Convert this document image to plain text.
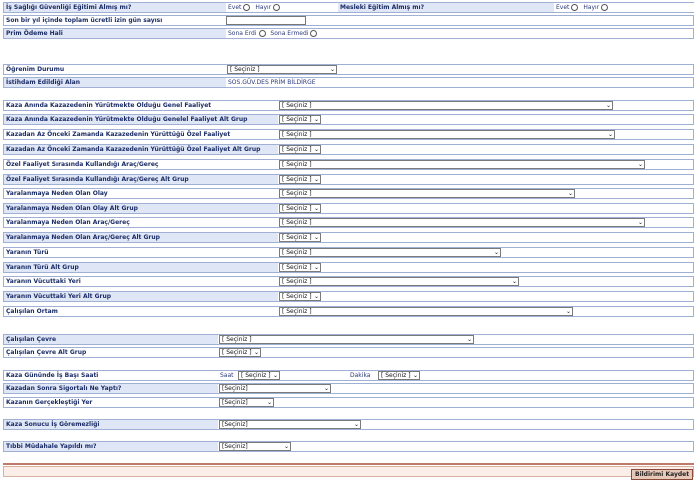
İş Sağlığı Güvenliği Eğitimi Almış mı?	Evet Hayır	Mesleki Eğitim Almış mı?	Evet Hayır
Son bir yıl içinde toplam ücretli izin gün sayısı
Prim Ödeme Hali	Sona Erdi Sona Ermedi
Öğrenim Durumu	[ Seçiniz ]	⌄
İstihdam Edildiği Alan	SOS.GÜV.DES PRİM BİLDİRGE
Kaza Anında Kazazedenin Yürütmekte Olduğu Genel Faaliyet	[ Seçiniz ]	⌄
Kaza Anında Kazazedenin Yürütmekte Olduğu Genelel Faaliyet Alt Grup	[ Seçiniz ] ⌄
Kazadan Az Önceki Zamanda Kazazedenin Yürüttüğü Özel Faaliyet	[ Seçiniz ]	⌄
Kazadan Az Önceki Zamanda Kazazedenin Yürüttüğü Özel Faaliyet Alt Grup	[ Seçiniz ] ⌄
Özel Faaliyet Sırasında Kullandığı Araç/Gereç	[ Seçiniz ]	⌄
Özel Faaliyet Sırasında Kullandığı Araç/Gereç Alt Grup	[ Seçiniz ] ⌄
Yaralanmaya Neden Olan Olay	[ Seçiniz ]	⌄
Yaralanmaya Neden Olan Olay Alt Grup	[ Seçiniz ] ⌄
Yaralanmaya Neden Olan Araç/Gereç	[ Seçiniz ]	⌄
Yaralanmaya Neden Olan Araç/Gereç Alt Grup	[ Seçiniz ] ⌄
Yaranın Türü	[ Seçiniz ]	⌄
Yaranın Türü Alt Grup	[ Seçiniz ] ⌄
Yaranın Vücuttaki Yeri	[ Seçiniz ]	⌄
Yaranın Vücuttaki Yeri Alt Grup	[ Seçiniz ] ⌄
Çalışılan Ortam	[ Seçiniz ]	⌄
Çalışılan Çevre	[ Seçiniz ]	⌄
Çalışılan Çevre Alt Grup	[ Seçiniz ] ⌄
Kaza Gününde İş Başı Saati	Saat	[ Seçiniz ] ⌄	Dakika	[ Seçiniz ] ⌄
Kazadan Sonra Sigortalı Ne Yaptı?	[Seçiniz]	⌄
Kazanın Gerçekleştiği Yer	[Seçiniz]	⌄
Kaza Sonucu İş Göremezliği	[Seçiniz]	⌄
Tıbbi Müdahale Yapıldı mı?	[Seçiniz]	⌄
Bildirimi Kaydet
